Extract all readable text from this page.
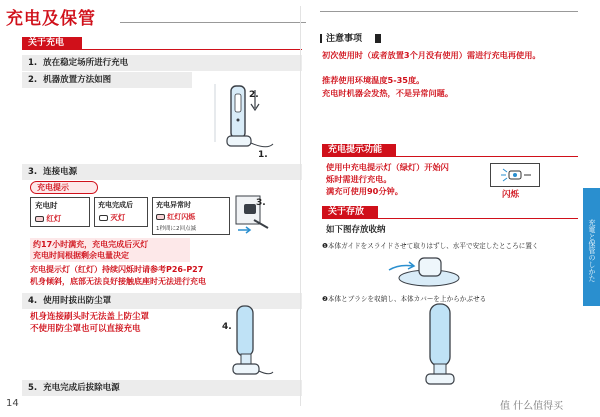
充电及保管
关于充电
1. 放在稳定场所进行充电
2. 机器放置方法如图
2.
1.
3. 连接电源
充电提示
充电时
红灯
充电完成后
灭灯
充电异常时
红灯闪烁
1秒間に2回点滅
3.
约17小时满充，充电完成后灭灯
充电时间根据剩余电量决定
充电提示灯（红灯）持续闪烁时请参考P26-P27
机身倾斜，底部无法良好接触底座时无法进行充电
4. 使用时拔出防尘罩
机身连接刷头时无法盖上防尘罩
不使用防尘罩也可以直接充电	4.
5. 充电完成后拔除电源
注意事项
初次使用时（或者放置3个月没有使用）需进行充电再使用。
推荐使用环境温度5-35度。
充电时机器会发热，不是异常问题。
充电提示功能
使用中充电提示灯（绿灯）开始闪
烁时需进行充电。
满充可使用90分钟。	闪烁
关于存放
如下图存放收纳
❶本体ガイドをスライドさせて取りはずし、水平で安定したところに置く
❷本体とブラシを収納し、本体カバーを上からかぶせる
充電と保管のしかた
14	值 什么值得买
